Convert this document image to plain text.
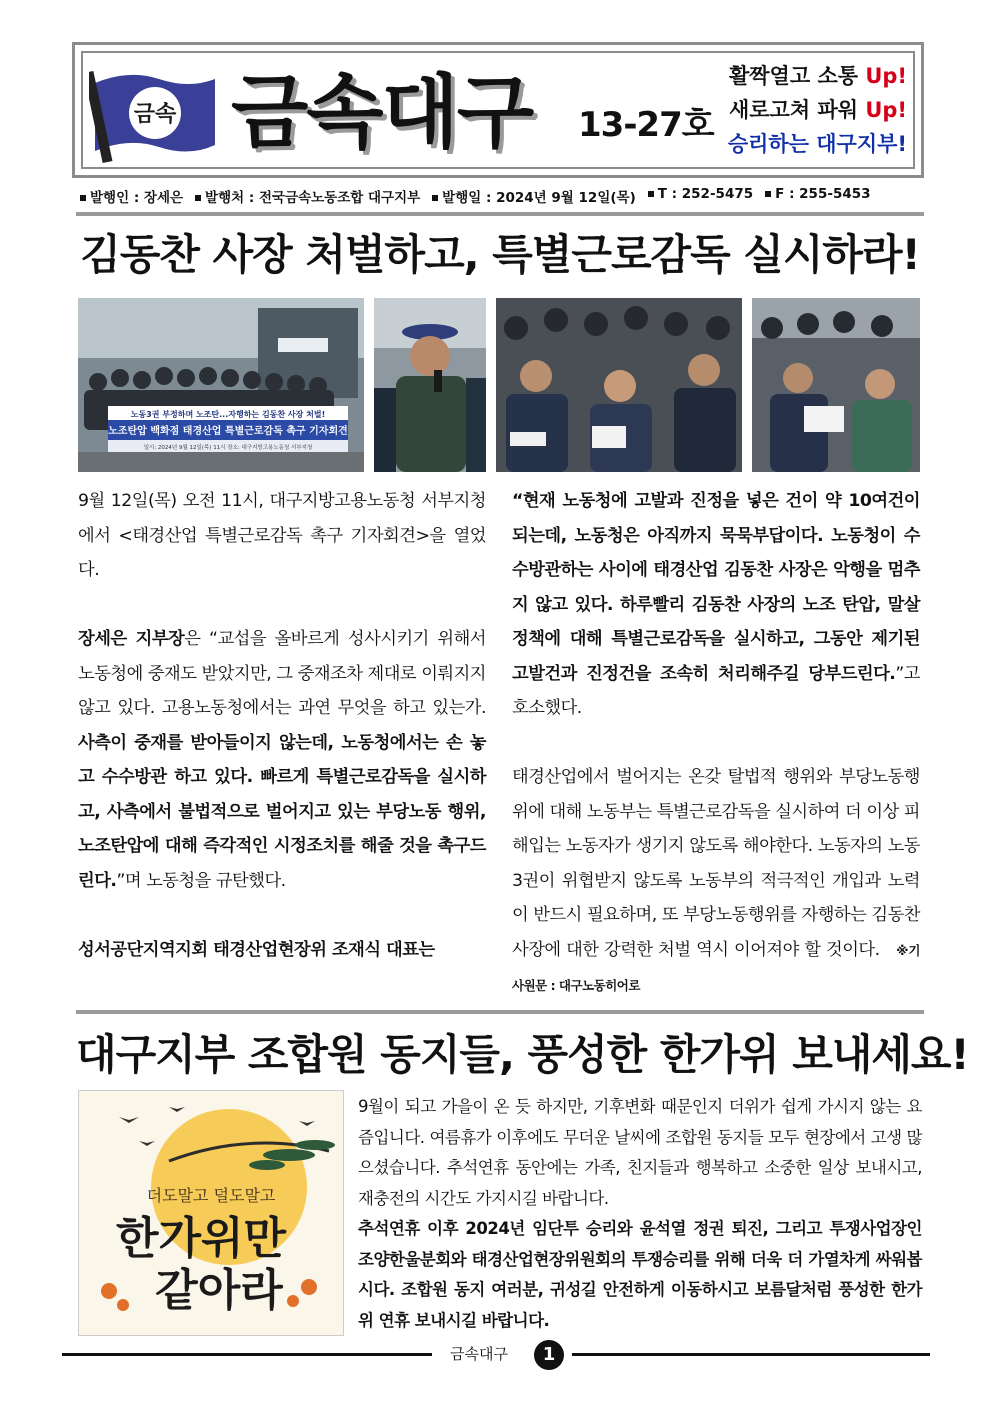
금속 금속대구 13-27호
활짝열고 소통 Up!
새로고쳐 파워 Up!
승리하는 대구지부!
발행인 : 장세은	발행처 : 전국금속노동조합 대구지부	발행일 : 2024년 9월 12일(목)	T : 252-5475	F : 255-5453
김동찬 사장 처벌하고, 특별근로감독 실시하라!
노동3권 부정하며 노조탄...자행하는 김동찬 사장 처벌!
노조탄압 백화점 태경산업 특별근로감독 촉구 기자회견
일시: 2024년 9월 12일(목) 11시 장소: 대구지방고용노동청 서부지청

9월 12일(목) 오전 11시, 대구지방고용노동청 서부지청에서 <태경산업 특별근로감독 촉구 기자회견>을 열었다.

장세은 지부장은 “교섭을 올바르게 성사시키기 위해서 노동청에 중재도 받았지만, 그 중재조차 제대로 이뤄지지 않고 있다. 고용노동청에서는 과연 무엇을 하고 있는가. 사측이 중재를 받아들이지 않는데, 노동청에서는 손 놓고 수수방관 하고 있다. 빠르게 특별근로감독을 실시하고, 사측에서 불법적으로 벌어지고 있는 부당노동 행위, 노조탄압에 대해 즉각적인 시정조치를 해줄 것을 촉구드린다.”며 노동청을 규탄했다.

성서공단지역지회 태경산업현장위 조재식 대표는

“현재 노동청에 고발과 진정을 넣은 건이 약 10여건이 되는데, 노동청은 아직까지 묵묵부답이다. 노동청이 수수방관하는 사이에 태경산업 김동찬 사장은 악행을 멈추지 않고 있다. 하루빨리 김동찬 사장의 노조 탄압, 말살정책에 대해 특별근로감독을 실시하고, 그동안 제기된 고발건과 진정건을 조속히 처리해주길 당부드린다.”고 호소했다.

태경산업에서 벌어지는 온갖 탈법적 행위와 부당노동행위에 대해 노동부는 특별근로감독을 실시하여 더 이상 피해입는 노동자가 생기지 않도록 해야한다. 노동자의 노동3권이 위협받지 않도록 노동부의 적극적인 개입과 노력이 반드시 필요하며, 또 부당노동행위를 자행하는 김동찬 사장에 대한 강력한 처벌 역시 이어져야 할 것이다. ※기사원문 : 대구노동히어로

대구지부 조합원 동지들, 풍성한 한가위 보내세요!
더도말고 덜도말고
한가위만
같아라

9월이 되고 가을이 온 듯 하지만, 기후변화 때문인지 더위가 쉽게 가시지 않는 요즘입니다. 여름휴가 이후에도 무더운 날씨에 조합원 동지들 모두 현장에서 고생 많으셨습니다. 추석연휴 동안에는 가족, 친지들과 행복하고 소중한 일상 보내시고, 재충전의 시간도 가지시길 바랍니다.

추석연휴 이후 2024년 임단투 승리와 윤석열 정권 퇴진, 그리고 투쟁사업장인 조양한울분회와 태경산업현장위원회의 투쟁승리를 위해 더욱 더 가열차게 싸워봅시다. 조합원 동지 여러분, 귀성길 안전하게 이동하시고 보름달처럼 풍성한 한가위 연휴 보내시길 바랍니다.

금속대구	1
